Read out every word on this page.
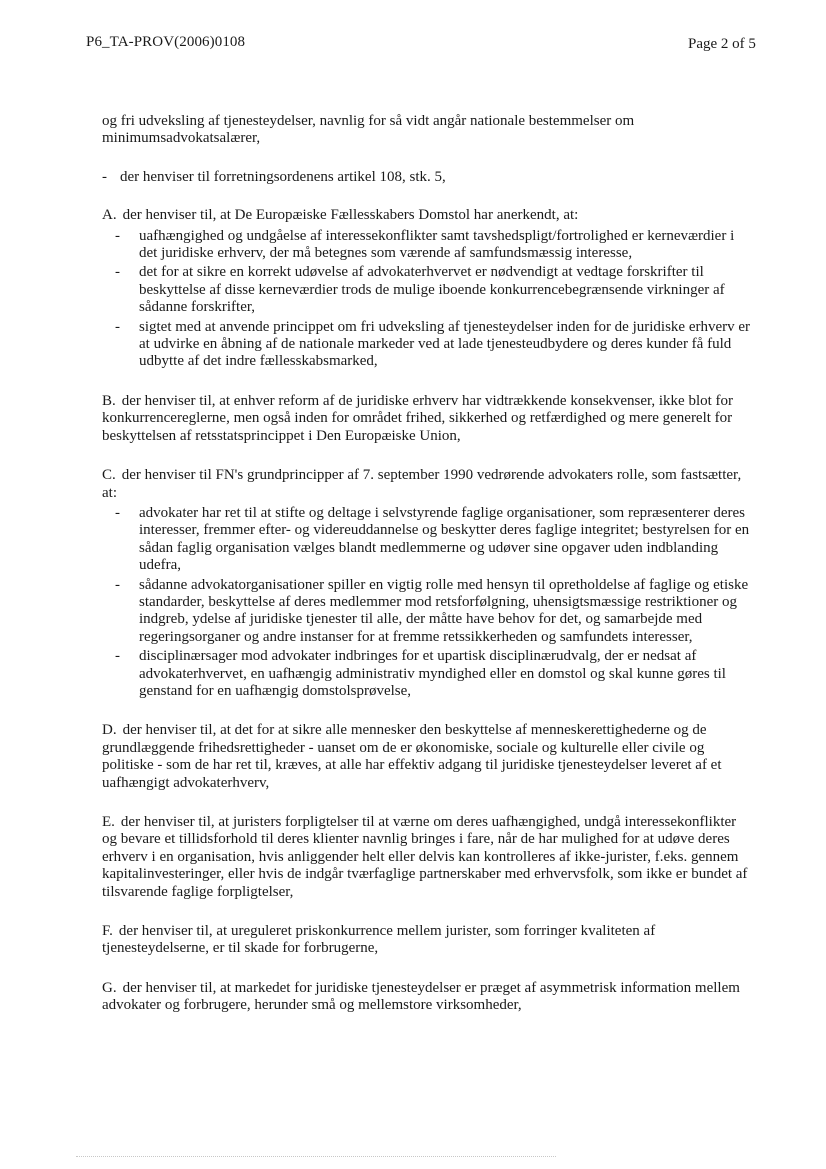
P6_TA-PROV(2006)0108	Page 2 of 5

og fri udveksling af tjenesteydelser, navnlig for så vidt angår nationale bestemmelser om minimumsadvokatsalærer,

- der henviser til forretningsordenens artikel 108, stk. 5,

A. der henviser til, at De Europæiske Fællesskabers Domstol har anerkendt, at:

- uafhængighed og undgåelse af interessekonflikter samt tavshedspligt/fortrolighed er kerneværdier i det juridiske erhverv, der må betegnes som værende af samfundsmæssig interesse,
- det for at sikre en korrekt udøvelse af advokaterhvervet er nødvendigt at vedtage forskrifter til beskyttelse af disse kerneværdier trods de mulige iboende konkurrencebegrænsende virkninger af sådanne forskrifter,
- sigtet med at anvende princippet om fri udveksling af tjenesteydelser inden for de juridiske erhverv er at udvirke en åbning af de nationale markeder ved at lade tjenesteudbydere og deres kunder få fuld udbytte af det indre fællesskabsmarked,

B. der henviser til, at enhver reform af de juridiske erhverv har vidtrækkende konsekvenser, ikke blot for konkurrencereglerne, men også inden for området frihed, sikkerhed og retfærdighed og mere generelt for beskyttelsen af retsstatsprincippet i Den Europæiske Union,

C. der henviser til FN's grundprincipper af 7. september 1990 vedrørende advokaters rolle, som fastsætter, at:

- advokater har ret til at stifte og deltage i selvstyrende faglige organisationer, som repræsenterer deres interesser, fremmer efter- og videreuddannelse og beskytter deres faglige integritet; bestyrelsen for en sådan faglig organisation vælges blandt medlemmerne og udøver sine opgaver uden indblanding udefra,
- sådanne advokatorganisationer spiller en vigtig rolle med hensyn til opretholdelse af faglige og etiske standarder, beskyttelse af deres medlemmer mod retsforfølgning, uhensigtsmæssige restriktioner og indgreb, ydelse af juridiske tjenester til alle, der måtte have behov for det, og samarbejde med regeringsorganer og andre instanser for at fremme retssikkerheden og samfundets interesser,
- disciplinærsager mod advokater indbringes for et upartisk disciplinærudvalg, der er nedsat af advokaterhvervet, en uafhængig administrativ myndighed eller en domstol og skal kunne gøres til genstand for en uafhængig domstolsprøvelse,

D. der henviser til, at det for at sikre alle mennesker den beskyttelse af menneskerettighederne og de grundlæggende frihedsrettigheder - uanset om de er økonomiske, sociale og kulturelle eller civile og politiske - som de har ret til, kræves, at alle har effektiv adgang til juridiske tjenesteydelser leveret af et uafhængigt advokaterhverv,

E. der henviser til, at juristers forpligtelser til at værne om deres uafhængighed, undgå interessekonflikter og bevare et tillidsforhold til deres klienter navnlig bringes i fare, når de har mulighed for at udøve deres erhverv i en organisation, hvis anliggender helt eller delvis kan kontrolleres af ikke-jurister, f.eks. gennem kapitalinvesteringer, eller hvis de indgår tværfaglige partnerskaber med erhvervsfolk, som ikke er bundet af tilsvarende faglige forpligtelser,

F. der henviser til, at ureguleret priskonkurrence mellem jurister, som forringer kvaliteten af tjenesteydelserne, er til skade for forbrugerne,

G. der henviser til, at markedet for juridiske tjenesteydelser er præget af asymmetrisk information mellem advokater og forbrugere, herunder små og mellemstore virksomheder,
